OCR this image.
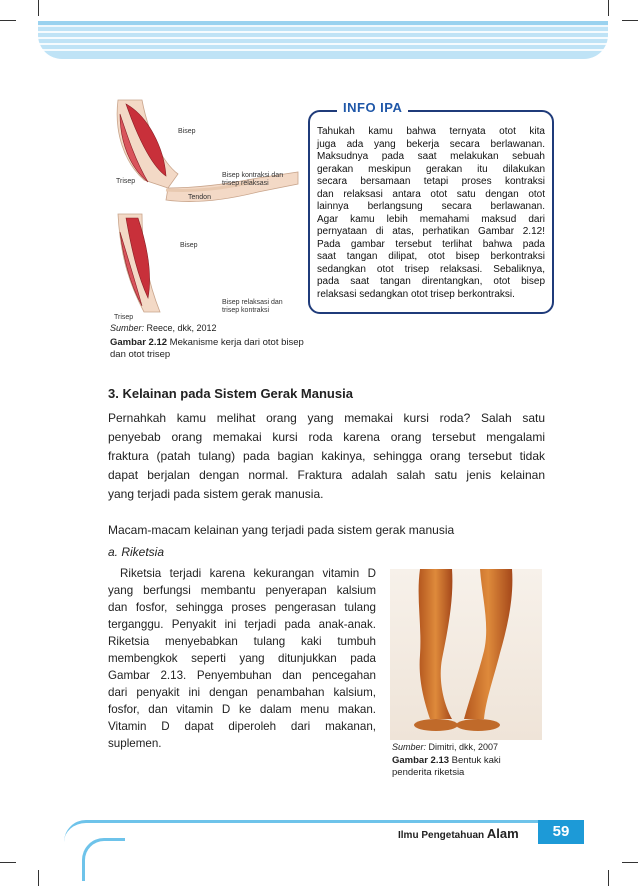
Bisep
Trisep
Tendon
Bisep kontraksi dan
trisep relaksasi
Bisep
Trisep
Bisep relaksasi dan
trisep kontraksi
Sumber: Reece, dkk, 2012
Gambar 2.12 Mekanisme kerja dari otot bisep
dan otot trisep
INFO IPA
Tahukah kamu bahwa ternyata otot kita
juga ada yang bekerja secara berlawanan.
Maksudnya pada saat melakukan sebuah
gerakan meskipun gerakan itu dilakukan
secara bersamaan tetapi proses kontraksi
dan relaksasi antara otot satu dengan otot
lainnya berlangsung secara berlawanan.
Agar kamu lebih memahami maksud dari
pernyataan di atas, perhatikan Gambar 2.12!
Pada gambar tersebut terlihat bahwa pada
saat tangan dilipat, otot bisep berkontraksi
sedangkan otot trisep relaksasi. Sebaliknya,
pada saat tangan direntangkan, otot bisep
relaksasi sedangkan otot trisep berkontraksi.
3. Kelainan pada Sistem Gerak Manusia
Pernahkah kamu melihat orang yang memakai kursi roda? Salah satu
penyebab orang memakai kursi roda karena orang tersebut mengalami
fraktura (patah tulang) pada bagian kakinya, sehingga orang tersebut tidak
dapat berjalan dengan normal. Fraktura adalah salah satu jenis kelainan
yang terjadi pada sistem gerak manusia.
Macam-macam kelainan yang terjadi pada sistem gerak manusia
a. Riketsia
Riketsia terjadi karena kekurangan vitamin D
yang berfungsi membantu penyerapan kalsium
dan fosfor, sehingga proses pengerasan tulang
terganggu. Penyakit ini terjadi pada anak-anak.
Riketsia menyebabkan tulang kaki tumbuh
membengkok seperti yang ditunjukkan pada
Gambar 2.13. Penyembuhan dan pencegahan
dari penyakit ini dengan penambahan kalsium,
fosfor, dan vitamin D ke dalam menu makan.
Vitamin D dapat diperoleh dari makanan,
suplemen.	Sumber: Dimitri, dkk, 2007
Gambar 2.13 Bentuk kaki
penderita riketsia
Ilmu Pengetahuan Alam	59
